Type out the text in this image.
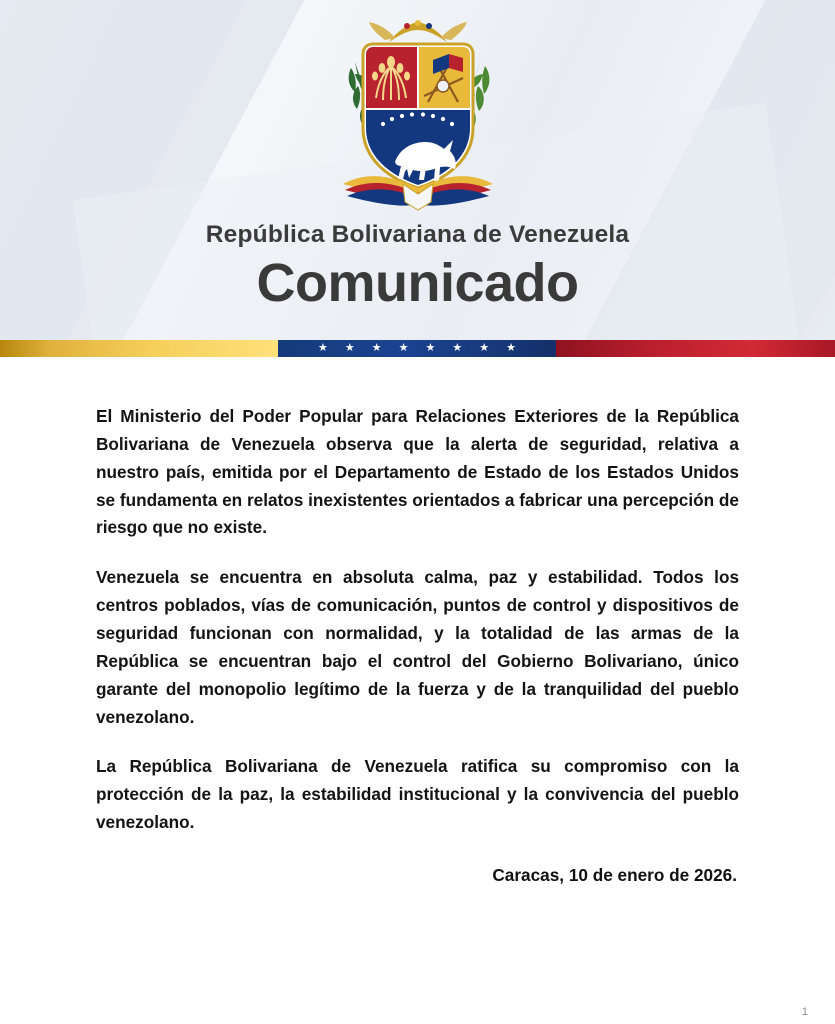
República Bolivariana de Venezuela
Comunicado
★ ★ ★ ★ ★ ★ ★ ★

El Ministerio del Poder Popular para Relaciones Exteriores de la República Bolivariana de Venezuela observa que la alerta de seguridad, relativa a nuestro país, emitida por el Departamento de Estado de los Estados Unidos se fundamenta en relatos inexistentes orientados a fabricar una percepción de riesgo que no existe.

Venezuela se encuentra en absoluta calma, paz y estabilidad. Todos los centros poblados, vías de comunicación, puntos de control y dispositivos de seguridad funcionan con normalidad, y la totalidad de las armas de la República se encuentran bajo el control del Gobierno Bolivariano, único garante del monopolio legítimo de la fuerza y de la tranquilidad del pueblo venezolano.

La República Bolivariana de Venezuela ratifica su compromiso con la protección de la paz, la estabilidad institucional y la convivencia del pueblo venezolano.

Caracas, 10 de enero de 2026.
1
